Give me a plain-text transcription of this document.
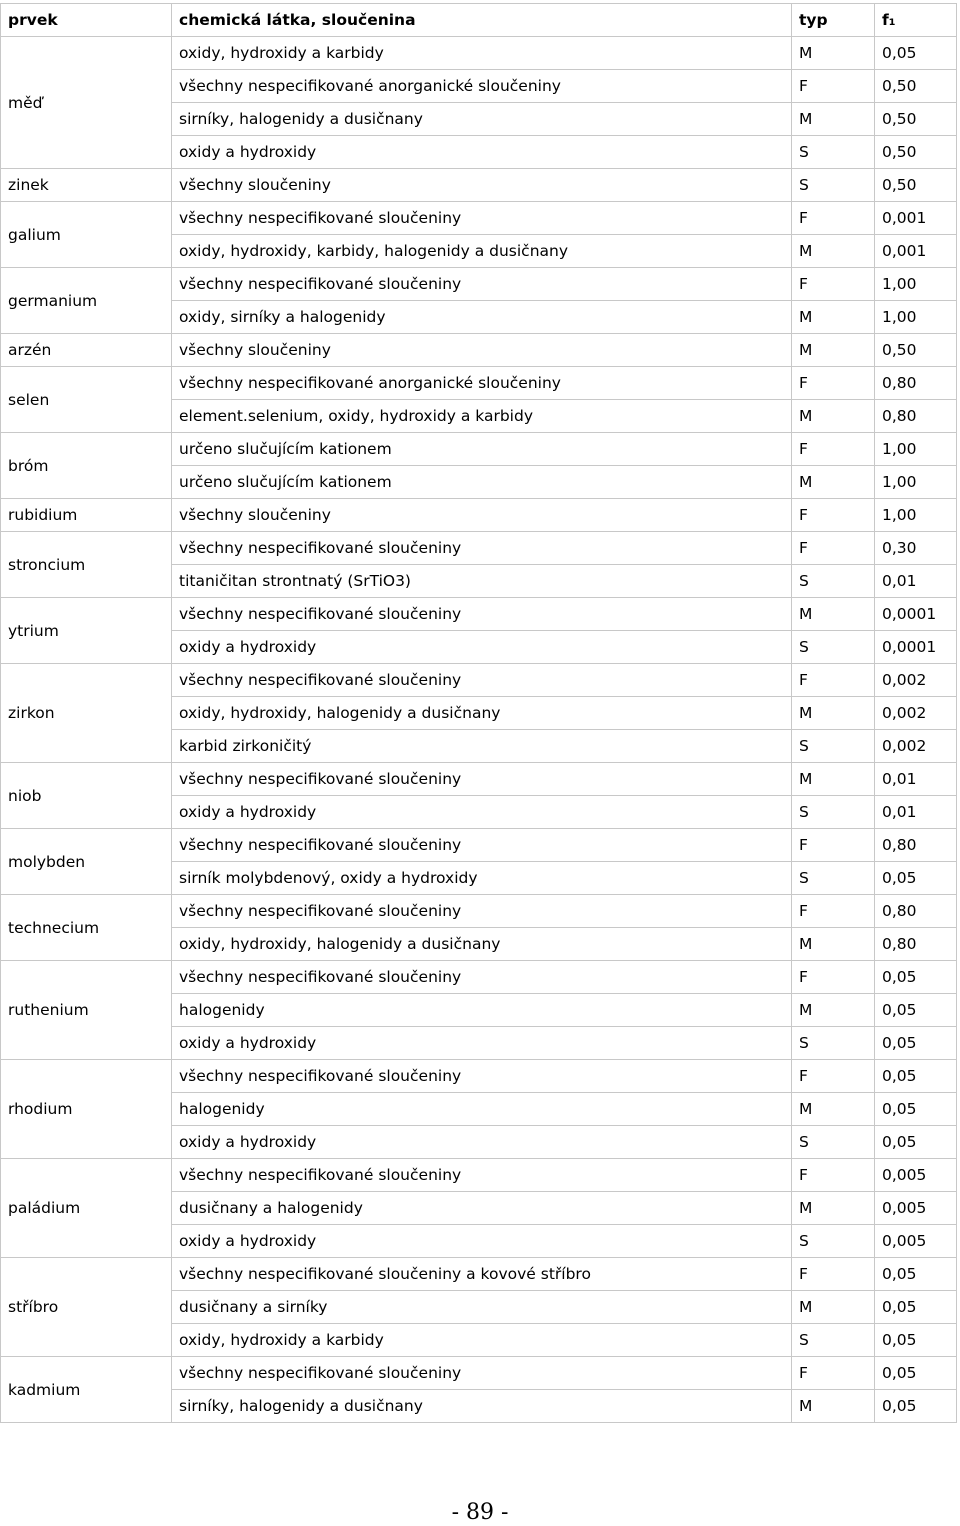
prvek	chemická látka, sloučenina	typ	f₁
měď	oxidy, hydroxidy a karbidy	M	0,05
	všechny nespecifikované anorganické sloučeniny	F	0,50
	sirníky, halogenidy a dusičnany	M	0,50
	oxidy a hydroxidy	S	0,50
zinek	všechny sloučeniny	S	0,50
galium	všechny nespecifikované sloučeniny	F	0,001
	oxidy, hydroxidy, karbidy, halogenidy a dusičnany	M	0,001
germanium	všechny nespecifikované sloučeniny	F	1,00
	oxidy, sirníky a halogenidy	M	1,00
arzén	všechny sloučeniny	M	0,50
selen	všechny nespecifikované anorganické sloučeniny	F	0,80
	element.selenium, oxidy, hydroxidy a karbidy	M	0,80
bróm	určeno slučujícím kationem	F	1,00
	určeno slučujícím kationem	M	1,00
rubidium	všechny sloučeniny	F	1,00
stroncium	všechny nespecifikované sloučeniny	F	0,30
	titaničitan strontnatý (SrTiO3)	S	0,01
ytrium	všechny nespecifikované sloučeniny	M	0,0001
	oxidy a hydroxidy	S	0,0001
zirkon	všechny nespecifikované sloučeniny	F	0,002
	oxidy, hydroxidy, halogenidy a dusičnany	M	0,002
	karbid zirkoničitý	S	0,002
niob	všechny nespecifikované sloučeniny	M	0,01
	oxidy a hydroxidy	S	0,01
molybden	všechny nespecifikované sloučeniny	F	0,80
	sirník molybdenový, oxidy a hydroxidy	S	0,05
technecium	všechny nespecifikované sloučeniny	F	0,80
	oxidy, hydroxidy, halogenidy a dusičnany	M	0,80
ruthenium	všechny nespecifikované sloučeniny	F	0,05
	halogenidy	M	0,05
	oxidy a hydroxidy	S	0,05
rhodium	všechny nespecifikované sloučeniny	F	0,05
	halogenidy	M	0,05
	oxidy a hydroxidy	S	0,05
paládium	všechny nespecifikované sloučeniny	F	0,005
	dusičnany a halogenidy	M	0,005
	oxidy a hydroxidy	S	0,005
stříbro	všechny nespecifikované sloučeniny a kovové stříbro	F	0,05
	dusičnany a sirníky	M	0,05
	oxidy, hydroxidy a karbidy	S	0,05
kadmium	všechny nespecifikované sloučeniny	F	0,05
	sirníky, halogenidy a dusičnany	M	0,05
- 89 -
